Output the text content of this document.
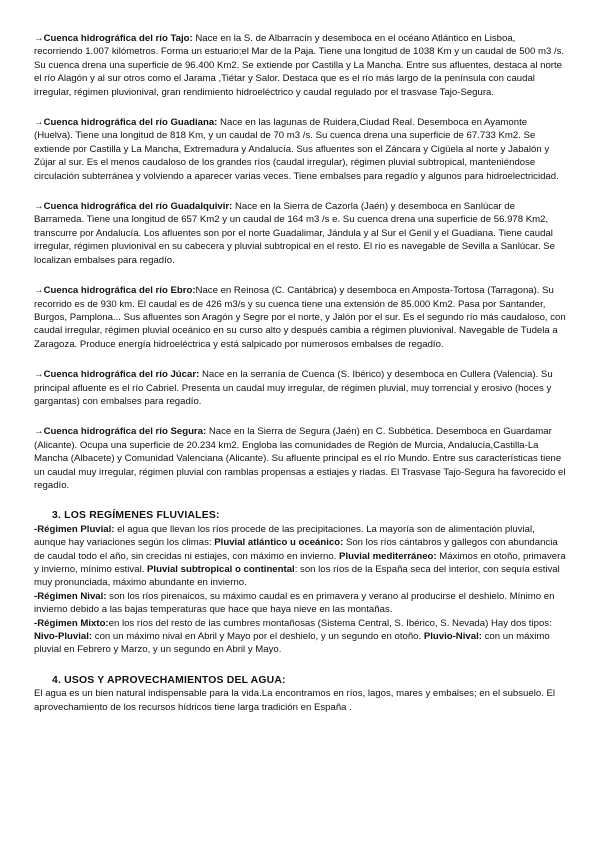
→Cuenca hidrográfica del río Tajo: Nace en la S. de Albarracín y desemboca en el océano Atlántico en Lisboa, recorriendo 1.007 kilómetros. Forma un estuario;el Mar de la Paja. Tiene una longitud de 1038 Km y un caudal de 500 m3 /s. Su cuenca drena una superficie de 96.400 Km2. Se extiende por Castilla y La Mancha. Entre sus afluentes, destaca al norte el río Alagón y al sur otros como el Jarama ,Tiétar y Salor. Destaca que es el río más largo de la península con caudal irregular, régimen pluvionival, gran rendimiento hidroeléctrico y caudal regulado por el trasvase Tajo-Segura.

→Cuenca hidrográfica del río Guadiana: Nace en las lagunas de Ruidera,Ciudad Real. Desemboca en Ayamonte (Huelva). Tiene una longitud de 818 Km, y un caudal de 70 m3 /s. Su cuenca drena una superficie de 67.733 Km2. Se extiende por Castilla y La Mancha, Extremadura y Andalucía. Sus afluentes son el Záncara y Cigüela al norte y Jabalón y Zújar al sur. Es el menos caudaloso de los grandes ríos (caudal irregular), régimen pluvial subtropical, manteniéndose circulación subterránea y volviendo a aparecer varias veces. Tiene embalses para regadío y algunos para hidroelectricidad.

→Cuenca hidrográfica del río Guadalquivir: Nace en la Sierra de Cazorla (Jaén) y desemboca en Sanlúcar de Barrameda. Tiene una longitud de 657 Km2 y un caudal de 164 m3 /s e. Su cuenca drena una superficie de 56.978 Km2, transcurre por Andalucía. Los afluentes son por el norte Guadalimar, Jándula y al Sur el Genil y el Guadiana. Tiene caudal irregular, régimen pluvionival en su cabecera y pluvial subtropical en el resto. El río es navegable de Sevilla a Sanlúcar. Se localizan embalses para regadío.

→Cuenca hidrográfica del río Ebro:Nace en Reinosa (C. Cantábrica) y desemboca en Amposta-Tortosa (Tarragona). Su recorrido es de 930 km. El caudal es de 426 m3/s y su cuenca tiene una extensión de 85.000 Km2. Pasa por Santander, Burgos, Pamplona... Sus afluentes son Aragón y Segre por el norte, y Jalón por el sur. Es el segundo río más caudaloso, con caudal irregular, régimen pluvial oceánico en su curso alto y después cambia a régimen pluvionival. Navegable de Tudela a Zaragoza. Produce energía hidroeléctrica y está salpicado por numerosos embalses de regadío.

→Cuenca hidrográfica del río Júcar: Nace en la serranía de Cuenca (S. Ibérico) y desemboca en Cullera (Valencia). Su principal afluente es el río Cabriel. Presenta un caudal muy irregular, de régimen pluvial, muy torrencial y erosivo (hoces y gargantas) con embalses para regadío.

→Cuenca hidrográfica del río Segura: Nace en la Sierra de Segura (Jaén) en C. Subbética. Desemboca en Guardamar (Alicante). Ocupa una superficie de 20.234 km2. Engloba las comunidades de Región de Murcia, Andalucía,Castilla-La Mancha (Albacete) y Comunidad Valenciana (Alicante). Su afluente principal es el río Mundo. Entre sus características tiene un caudal muy irregular, régimen pluvial con ramblas propensas a estiajes y riadas. El Trasvase Tajo-Segura ha favorecido el regadío.

3. LOS REGÍMENES FLUVIALES:

-Régimen Pluvial: el agua que llevan los ríos procede de las precipitaciones. La mayoría son de alimentación pluvial, aunque hay variaciones según los climas: Pluvial atlántico u oceánico: Son los ríos cántabros y gallegos con abundancia de caudal todo el año, sin crecidas ni estiajes, con máximo en invierno. Pluvial mediterráneo: Máximos en otoño, primavera y invierno, mínimo estival. Pluvial subtropical o continental: son los ríos de la España seca del interior, con sequía estival muy pronunciada, máximo abundante en invierno.

-Régimen Nival: son los ríos pirenaicos, su máximo caudal es en primavera y verano al producirse el deshielo. Mínimo en invierno debido a las bajas temperaturas que hace que haya nieve en las montañas.

-Régimen Mixto:en los ríos del resto de las cumbres montañosas (Sistema Central, S. Ibérico, S. Nevada) Hay dos tipos: Nivo-Pluvial: con un máximo nival en Abril y Mayo por el deshielo, y un segundo en otoño. Pluvio-Nival: con un máximo pluvial en Febrero y Marzo, y un segundo en Abril y Mayo.

4. USOS Y APROVECHAMIENTOS DEL AGUA:

El agua es un bien natural indispensable para la vida.La encontramos en ríos, lagos, mares y embalses; en el subsuelo. El aprovechamiento de los recursos hídricos tiene larga tradición en España .
